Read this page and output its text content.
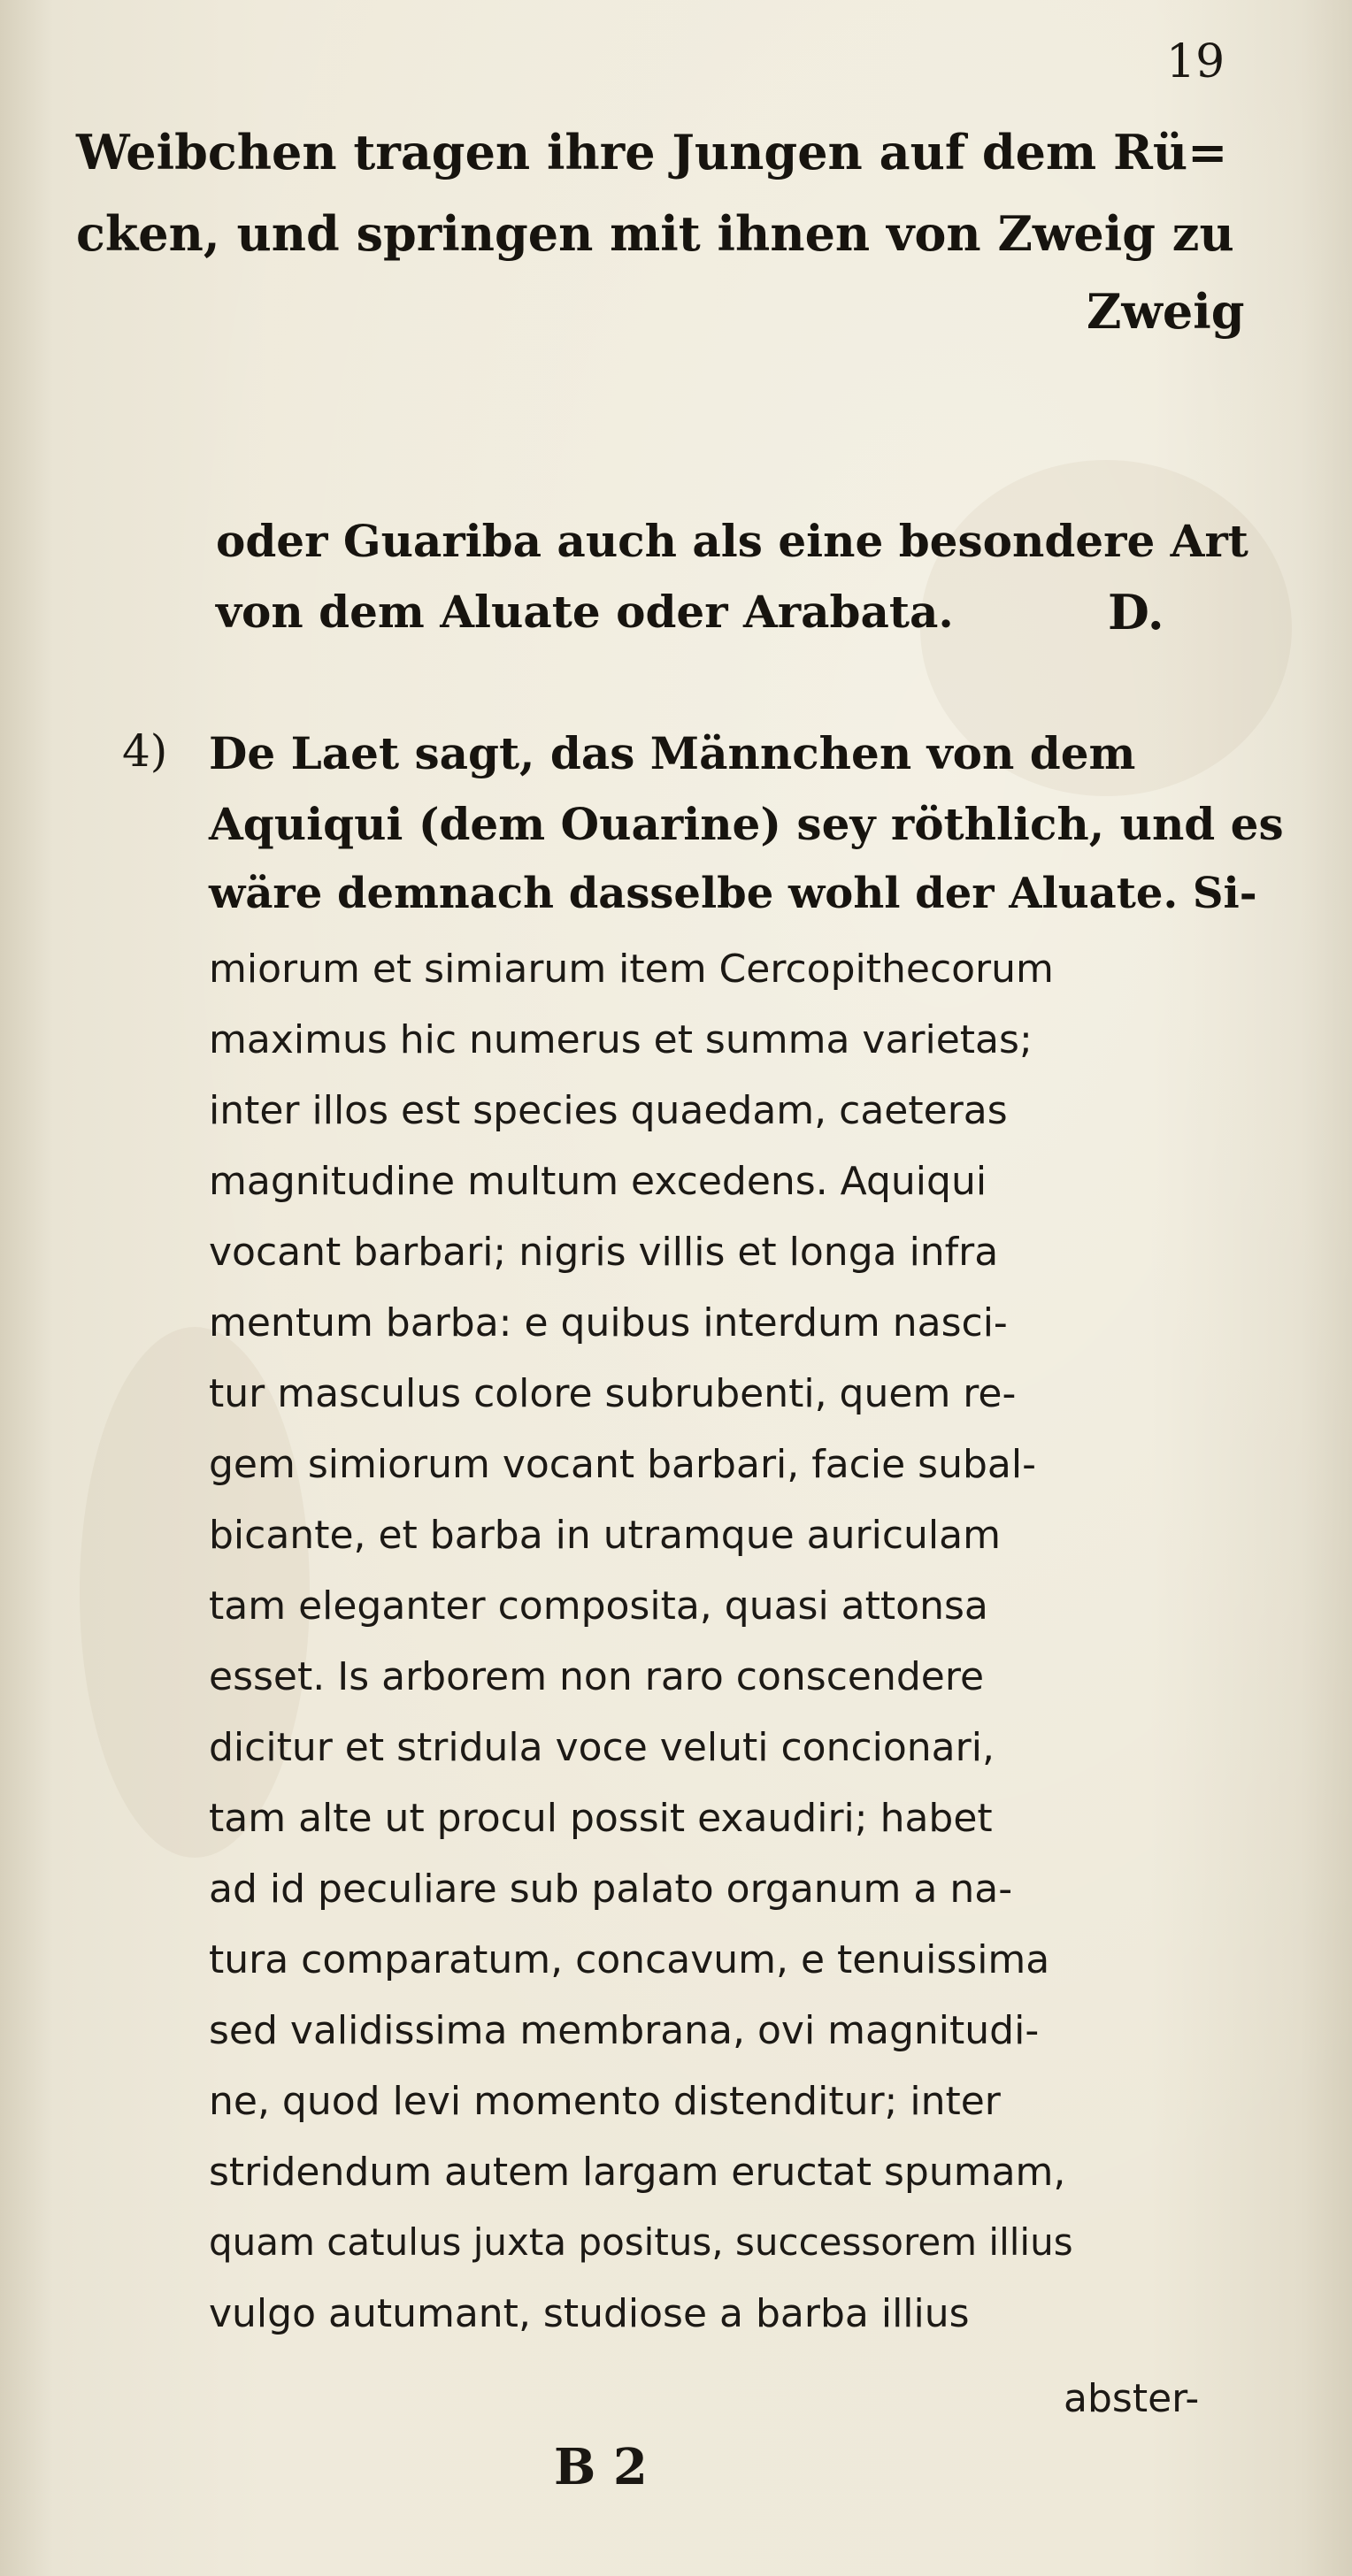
19
Weibchen tragen ihre Jungen auf dem Rü=
cken, und springen mit ihnen von Zweig zu
Zweig
oder Guariba auch als eine besondere Art
von dem Aluate oder Arabata.	D.
4) De Laet sagt, das Männchen von dem
Aquiqui (dem Ouarine) sey röthlich, und es
wäre demnach dasselbe wohl der Aluate. Si-
miorum et simiarum item Cercopithecorum
maximus hic numerus et summa varietas;
inter illos est species quaedam, caeteras
magnitudine multum excedens. Aquiqui
vocant barbari; nigris villis et longa infra
mentum barba: e quibus interdum nasci-
tur masculus colore subrubenti, quem re-
gem simiorum vocant barbari, facie subal-
bicante, et barba in utramque auriculam
tam eleganter composita, quasi attonsa
esset. Is arborem non raro conscendere
dicitur et stridula voce veluti concionari,
tam alte ut procul possit exaudiri; habet
ad id peculiare sub palato organum a na-
tura comparatum, concavum, e tenuissima
sed validissima membrana, ovi magnitudi-
ne, quod levi momento distenditur; inter
stridendum autem largam eructat spumam,
quam catulus juxta positus, successorem illius
vulgo autumant, studiose a barba illius
abster-
B 2
